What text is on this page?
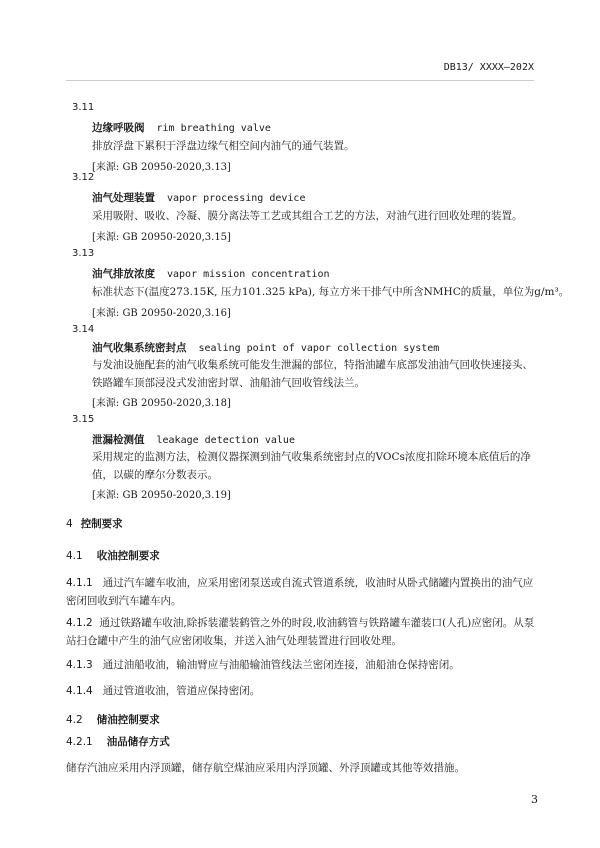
DB13/ XXXX—202X
3.11
边缘呼吸阀 rim breathing valve
排放浮盘下累积于浮盘边缘气相空间内油气的通气装置。
[来源: GB 20950-2020,3.13]
3.12
油气处理装置 vapor processing device
采用吸附、吸收、冷凝、膜分离法等工艺或其组合工艺的方法，对油气进行回收处理的装置。
[来源: GB 20950-2020,3.15]
3.13
油气排放浓度 vapor mission concentration
标准状态下(温度273.15K, 压力101.325 kPa), 每立方米干排气中所含NMHC的质量，单位为g/m³。
[来源: GB 20950-2020,3.16]
3.14
油气收集系统密封点 sealing point of vapor collection system
与发油设施配套的油气收集系统可能发生泄漏的部位，特指油罐车底部发油油气回收快速接头、铁路罐车顶部浸没式发油密封罩、油船油气回收管线法兰。
[来源: GB 20950-2020,3.18]
3.15
泄漏检测值 leakage detection value
采用规定的监测方法，检测仪器探测到油气收集系统密封点的VOCs浓度扣除环境本底值后的净值，以碳的摩尔分数表示。
[来源: GB 20950-2020,3.19]
4 控制要求
4.1 收油控制要求
4.1.1 通过汽车罐车收油，应采用密闭泵送或自流式管道系统，收油时从卧式储罐内置换出的油气应密闭回收到汽车罐车内。
4.1.2 通过铁路罐车收油,除拆装灌装鹤管之外的时段,收油鹤管与铁路罐车灌装口(人孔)应密闭。从泵站扫仓罐中产生的油气应密闭收集，并送入油气处理装置进行回收处理。
4.1.3 通过油船收油，输油臂应与油船输油管线法兰密闭连接，油船油仓保持密闭。
4.1.4 通过管道收油，管道应保持密闭。
4.2 储油控制要求
4.2.1 油品储存方式
储存汽油应采用内浮顶罐，储存航空煤油应采用内浮顶罐、外浮顶罐或其他等效措施。
3
